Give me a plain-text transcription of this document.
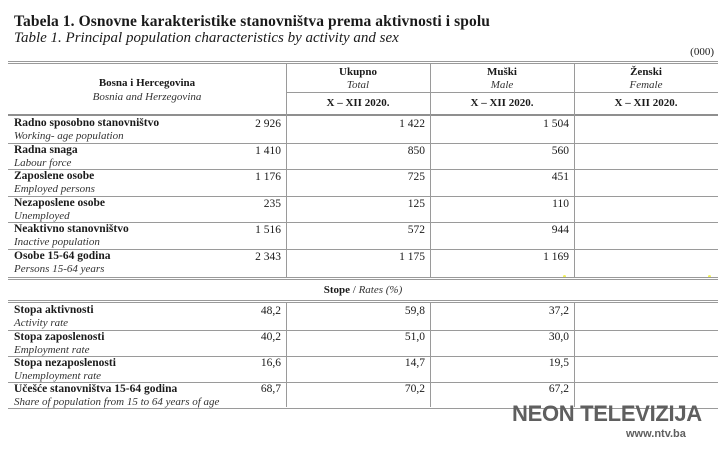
Tabela 1. Osnovne karakteristike stanovništva prema aktivnosti i spolu
Table 1. Principal population characteristics by activity and sex
(000)
Bosna i Hercegovina
Bosnia and Herzegovina
Ukupno
Total
X – XII 2020.
Muški
Male
X – XII 2020.
Ženski
Female
X – XII 2020.
Radno sposobno stanovništvo
Working- age population
2 926	1 422	1 504
Radna snaga
Labour force
1 410	850	560
Zaposlene osobe
Employed persons
1 176	725	451
Nezaposlene osobe
Unemployed
235	125	110
Neaktivno stanovništvo
Inactive population
1 516	572	944
Osobe 15-64 godina
Persons 15-64 years
2 343	1 175	1 169
Stope / Rates (%)
Stopa aktivnosti
Activity rate
48,2	59,8	37,2
Stopa zaposlenosti
Employment rate
40,2	51,0	30,0
Stopa nezaposlenosti
Unemployment rate
16,6	14,7	19,5
Učešće stanovništva 15-64 godina
Share of population from 15 to 64 years of age
68,7	70,2	67,2
NEON TELEVIZIJA
www.ntv.ba
